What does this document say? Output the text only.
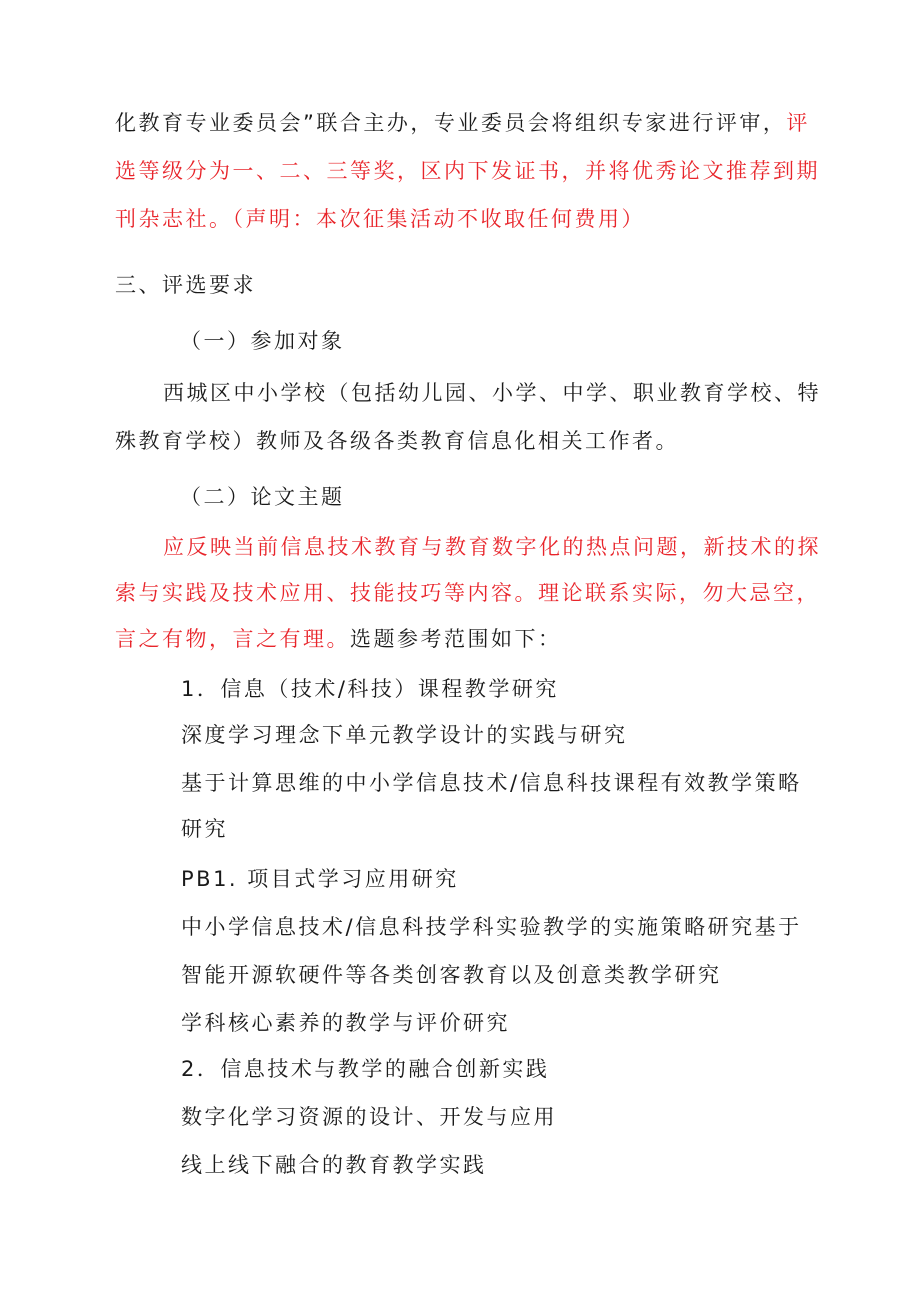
化教育专业委员会”联合主办，专业委员会将组织专家进行评审，评
选等级分为一、二、三等奖，区内下发证书，并将优秀论文推荐到期
刊杂志社。（声明：本次征集活动不收取任何费用）
三、评选要求
（一）参加对象
西城区中小学校（包括幼儿园、小学、中学、职业教育学校、特
殊教育学校）教师及各级各类教育信息化相关工作者。
（二）论文主题
应反映当前信息技术教育与教育数字化的热点问题，新技术的探
索与实践及技术应用、技能技巧等内容。理论联系实际，勿大忌空，
言之有物，言之有理。选题参考范围如下：
1．信息（技术/科技）课程教学研究
深度学习理念下单元教学设计的实践与研究
基于计算思维的中小学信息技术/信息科技课程有效教学策略
研究
PB1. 项目式学习应用研究
中小学信息技术/信息科技学科实验教学的实施策略研究基于
智能开源软硬件等各类创客教育以及创意类教学研究
学科核心素养的教学与评价研究
2．信息技术与教学的融合创新实践
数字化学习资源的设计、开发与应用
线上线下融合的教育教学实践
